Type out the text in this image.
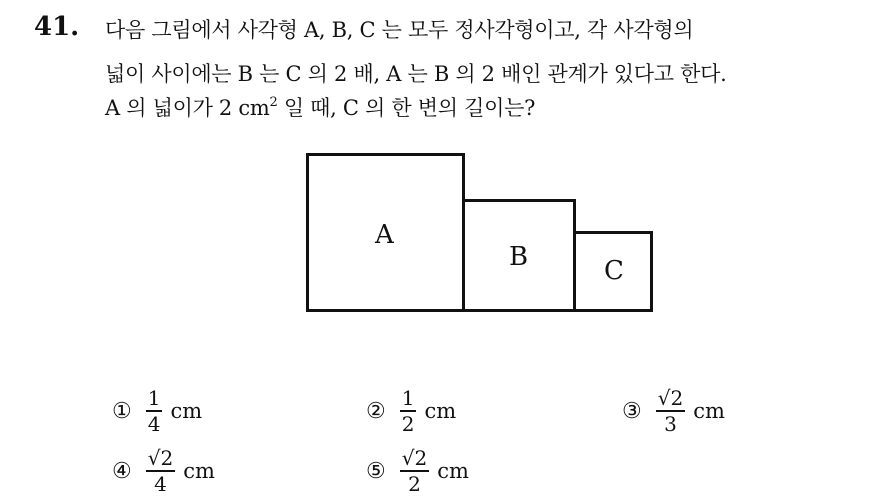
41. 다음 그림에서 사각형 A, B, C 는 모두 정사각형이고, 각 사각형의
넓이 사이에는 B 는 C 의 2 배, A 는 B 의 2 배인 관계가 있다고 한다.
A 의 넓이가 2 $cm^2$ 일 때, C 의 한 변의 길이는?
A
B	C
① $\frac{1}{4}$ cm	② $\frac{1}{2}$ cm	③ $\frac{√2}{3}$ cm
④ $\frac{√2}{4}$ cm	⑤ $\frac{√2}{2}$ cm
